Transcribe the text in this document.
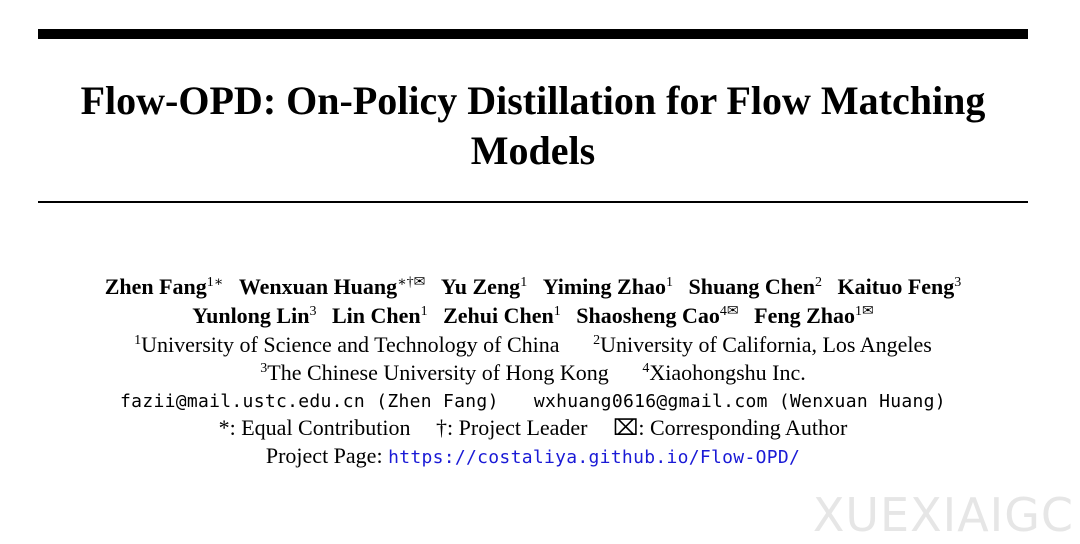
Flow-OPD: On-Policy Distillation for Flow Matching
Models
Zhen Fang$^{1∗}$ Wenxuan Huang∗†✉ Yu Zeng$^1$ Yiming Zhao$^1$ Shuang Chen$^2$ Kaituo Feng$^3$
Yunlong Lin$^3$ Lin Chen$^1$ Zehui Chen$^1$ Shaosheng Cao$^{4✉}$ Feng Zhao$^{1✉}$
$^1$University of Science and Technology of China $^2$University of California, Los Angeles
$^3$The Chinese University of Hong Kong $^4$Xiaohongshu Inc.
fazii@mail.ustc.edu.cn (Zhen Fang) wxhuang0616@gmail.com (Wenxuan Huang)
*: Equal Contribution †: Project Leader ⌧: Corresponding Author
Project Page: https://costaliya.github.io/Flow-OPD/
XUEXIAIGC
